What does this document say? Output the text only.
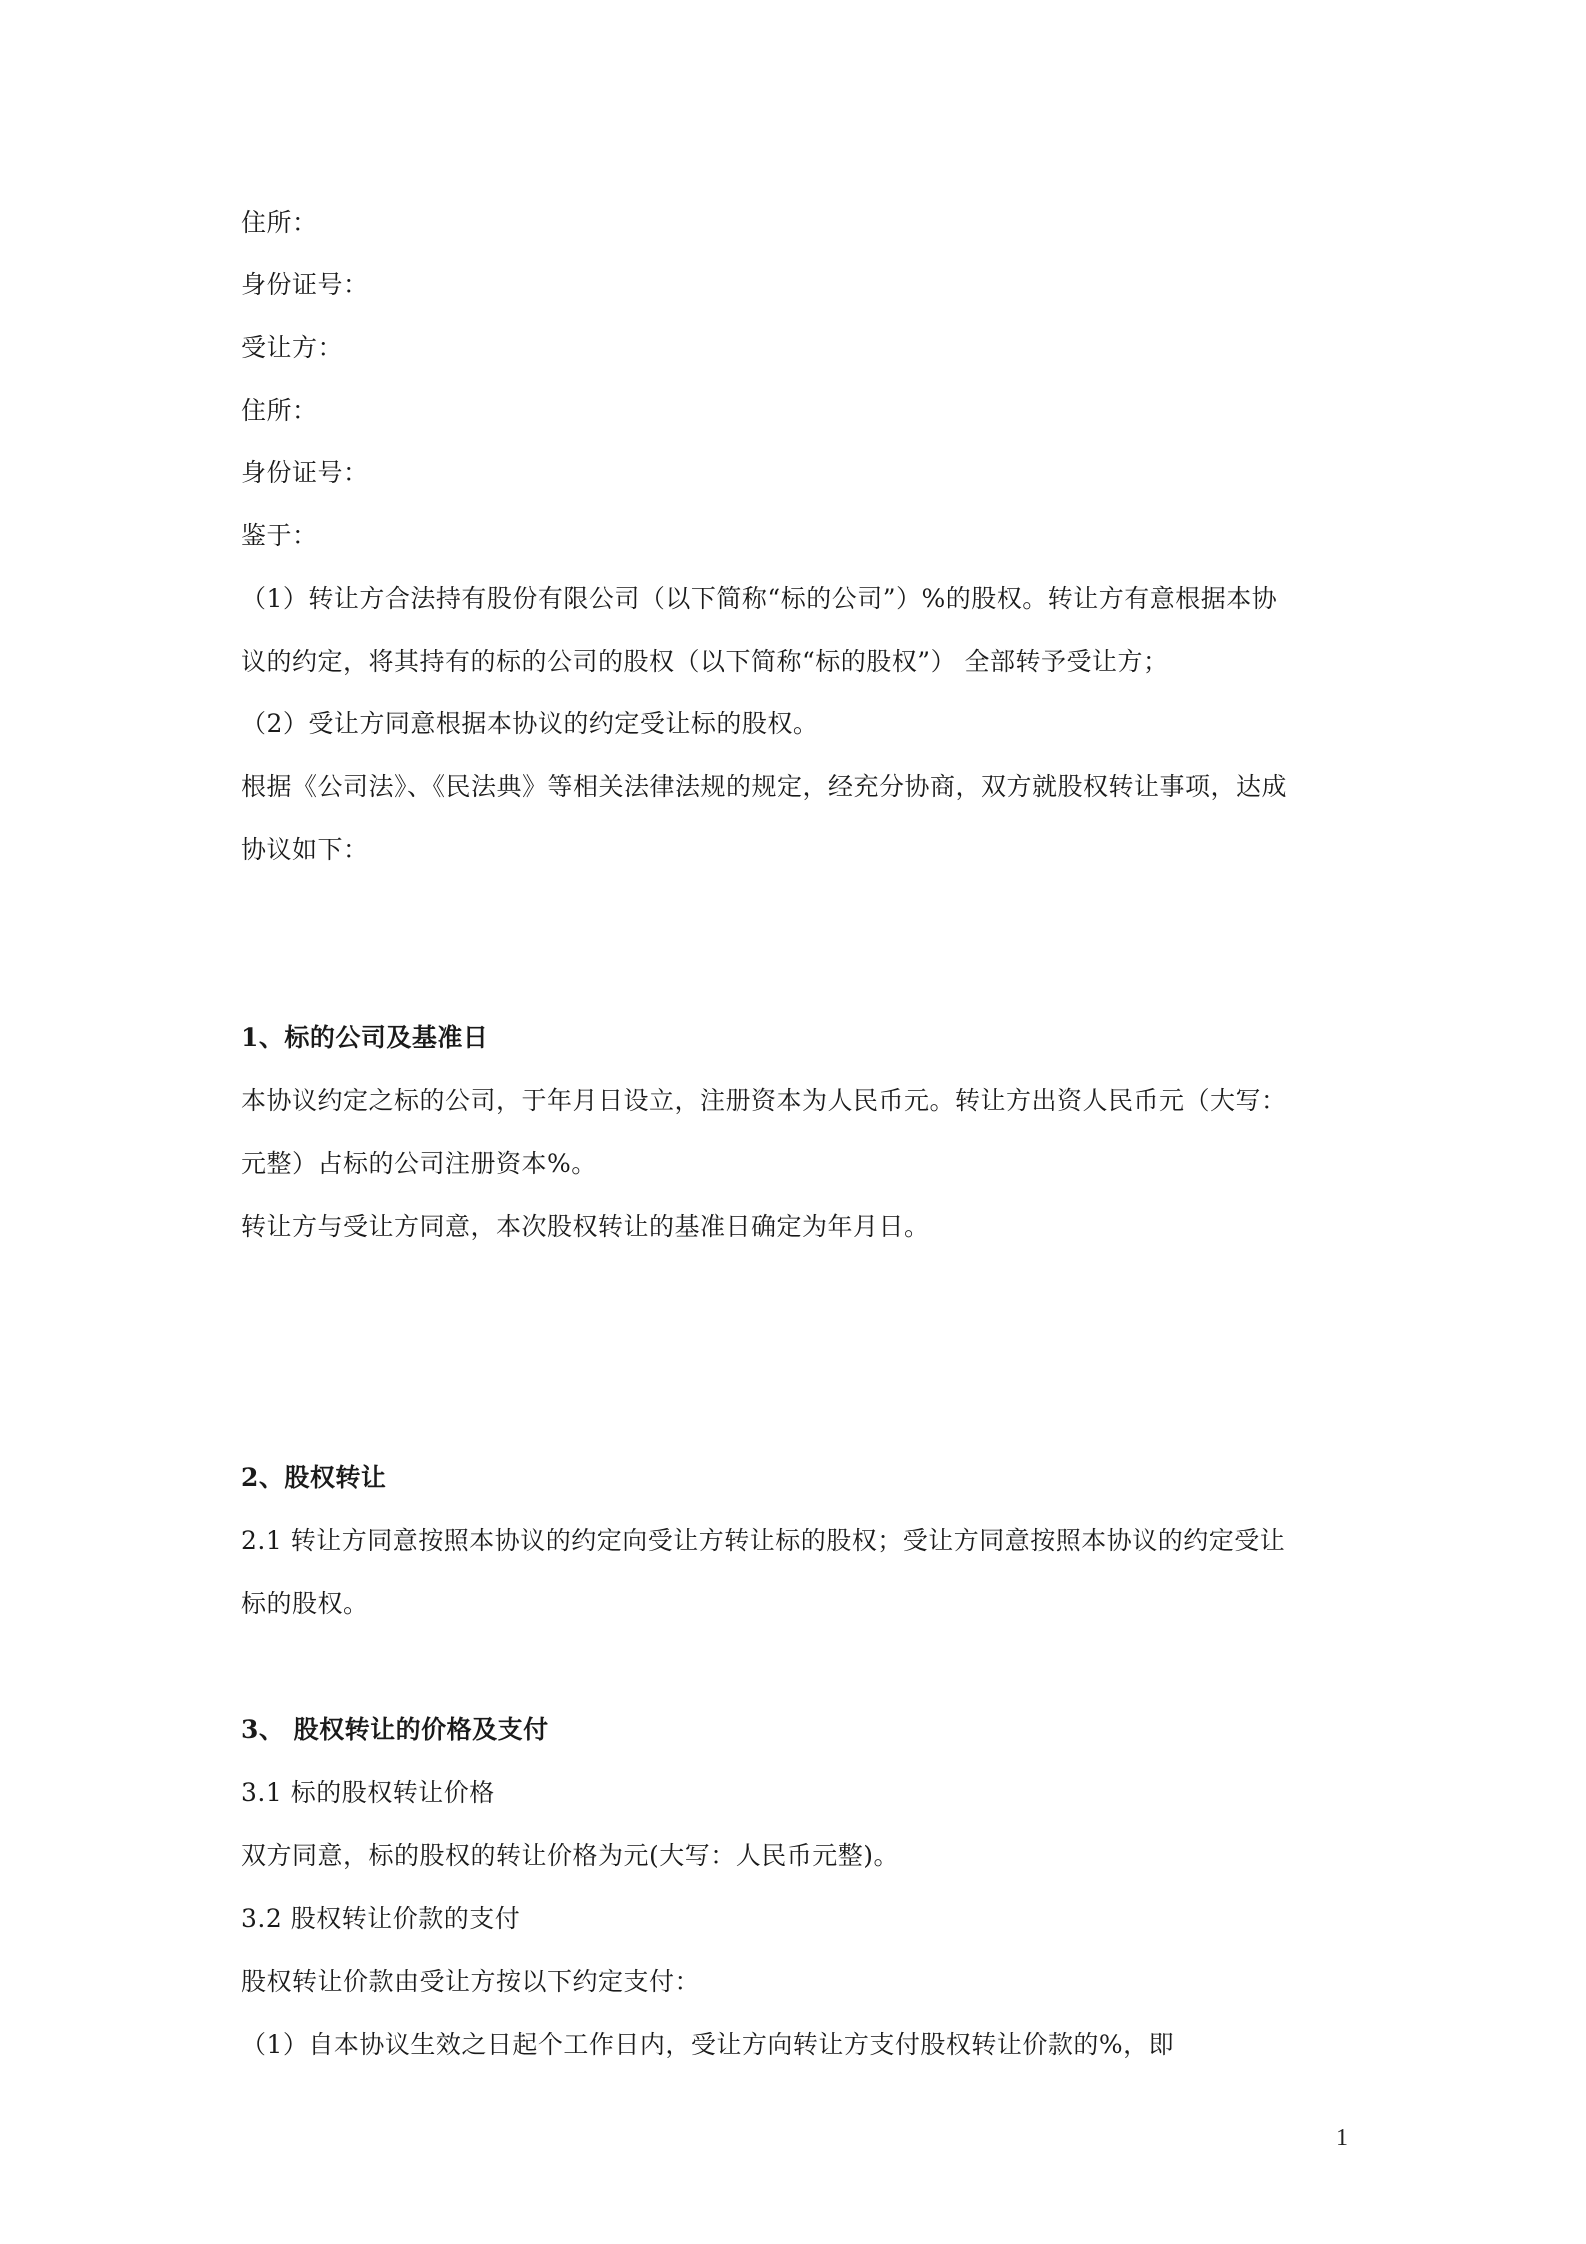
住所：
身份证号：
受让方：
住所：
身份证号：
鉴于：
（1）转让方合法持有股份有限公司（以下简称“标的公司”）%的股权。转让方有意根据本协
议的约定，将其持有的标的公司的股权（以下简称“标的股权”） 全部转予受让方；
（2）受让方同意根据本协议的约定受让标的股权。
根据《公司法》、《民法典》等相关法律法规的规定，经充分协商，双方就股权转让事项，达成
协议如下：
1、标的公司及基准日
本协议约定之标的公司，于年月日设立，注册资本为人民币元。转让方出资人民币元（大写：
元整）占标的公司注册资本%。
转让方与受让方同意，本次股权转让的基准日确定为年月日。
2、股权转让
2.1 转让方同意按照本协议的约定向受让方转让标的股权；受让方同意按照本协议的约定受让
标的股权。
3、 股权转让的价格及支付
3.1 标的股权转让价格
双方同意，标的股权的转让价格为元(大写：人民币元整)。
3.2 股权转让价款的支付
股权转让价款由受让方按以下约定支付：
（1）自本协议生效之日起个工作日内，受让方向转让方支付股权转让价款的%，即
1
